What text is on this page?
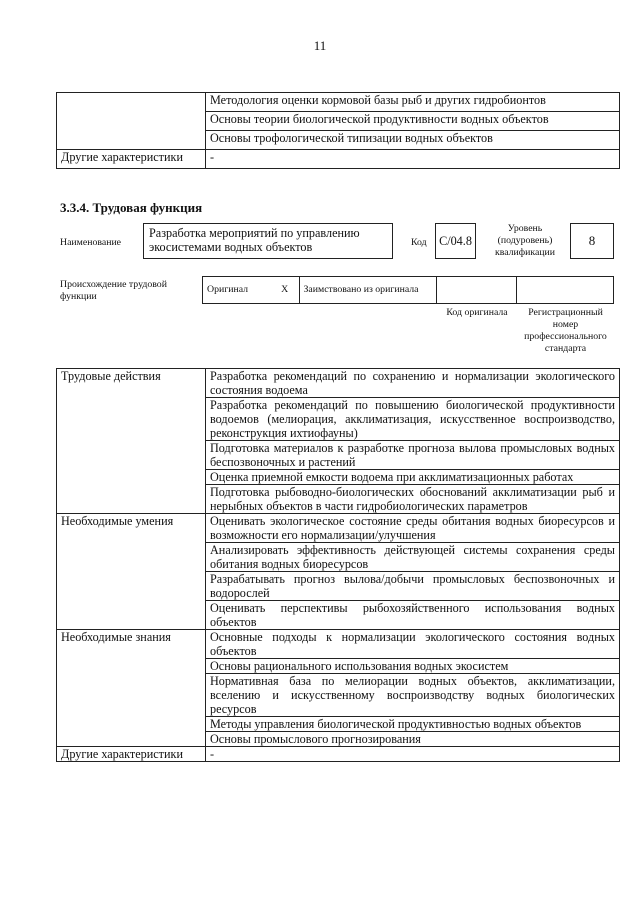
11
	Методология оценки кормовой базы рыб и других гидробионтов
	Основы теории биологической продуктивности водных объектов
	Основы трофологической типизации водных объектов
Другие характеристики	-
3.3.4. Трудовая функция
Наименование
Разработка мероприятий по управлению экосистемами водных объектов	Код	C/04.8
Уровень (подуровень) квалификации
8
Происхождение трудовой функции
Оригинал	X	Заимствовано из оригинала		
Код оригинала	Регистрационный номер профессионального стандарта
Трудовые действия	Разработка рекомендаций по сохранению и нормализации экологического состояния водоема
	Разработка рекомендаций по повышению биологической продуктивности водоемов (мелиорация, акклиматизация, искусственное воспроизводство, реконструкция ихтиофауны)
	Подготовка материалов к разработке прогноза вылова промысловых водных беспозвоночных и растений
	Оценка приемной емкости водоема при акклиматизационных работах
	Подготовка рыбоводно-биологических обоснований акклиматизации рыб и нерыбных объектов в части гидробиологических параметров
Необходимые умения	Оценивать экологическое состояние среды обитания водных биоресурсов и возможности его нормализации/улучшения
	Анализировать эффективность действующей системы сохранения среды обитания водных биоресурсов
	Разрабатывать прогноз вылова/добычи промысловых беспозвоночных и водорослей
	Оценивать перспективы рыбохозяйственного использования водных объектов
Необходимые знания	Основные подходы к нормализации экологического состояния водных объектов
	Основы рационального использования водных экосистем
	Нормативная база по мелиорации водных объектов, акклиматизации, вселению и искусственному воспроизводству водных биологических ресурсов
	Методы управления биологической продуктивностью водных объектов
	Основы промыслового прогнозирования
Другие характеристики	-
